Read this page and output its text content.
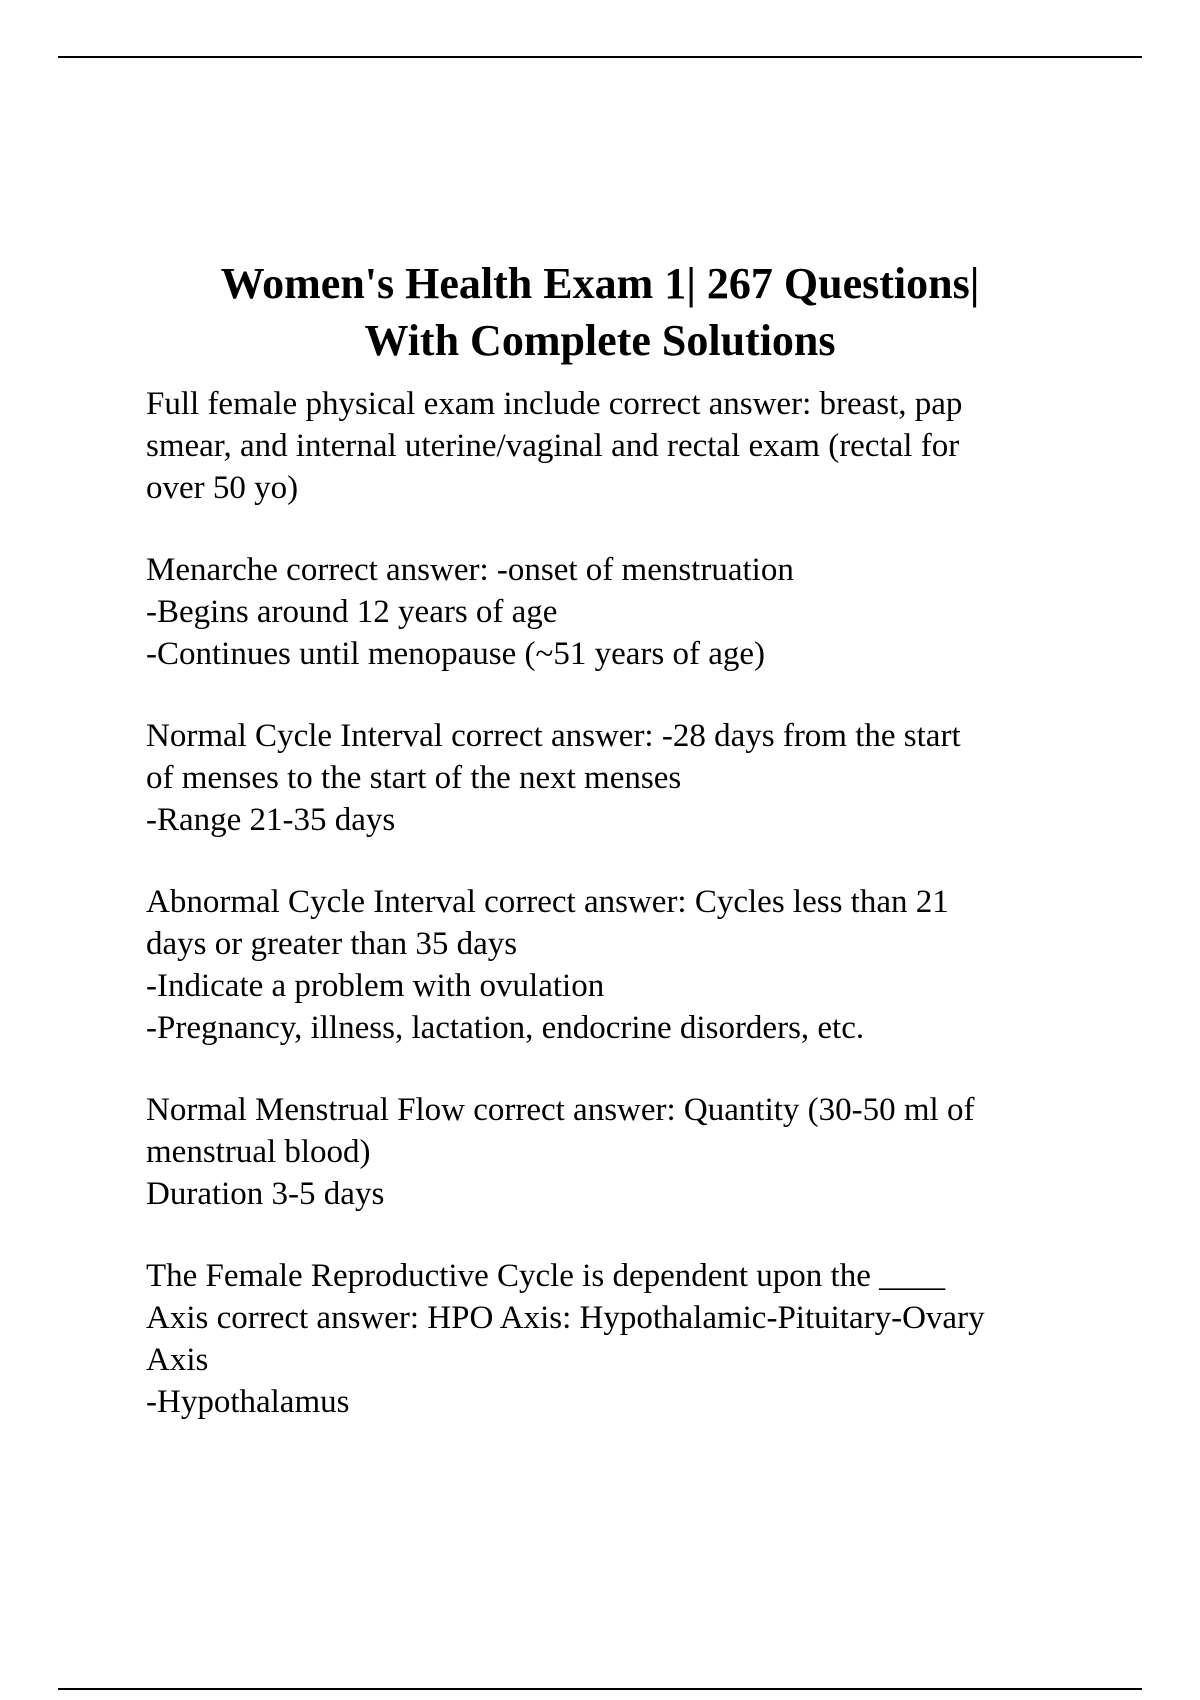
Women's Health Exam 1| 267 Questions|
With Complete Solutions

Full female physical exam include correct answer: breast, pap
smear, and internal uterine/vaginal and rectal exam (rectal for
over 50 yo)

Menarche correct answer: -onset of menstruation
-Begins around 12 years of age
-Continues until menopause (~51 years of age)

Normal Cycle Interval correct answer: -28 days from the start
of menses to the start of the next menses
-Range 21-35 days

Abnormal Cycle Interval correct answer: Cycles less than 21
days or greater than 35 days
-Indicate a problem with ovulation
-Pregnancy, illness, lactation, endocrine disorders, etc.

Normal Menstrual Flow correct answer: Quantity (30-50 ml of
menstrual blood)
Duration 3-5 days

The Female Reproductive Cycle is dependent upon the ____
Axis correct answer: HPO Axis: Hypothalamic-Pituitary-Ovary
Axis
-Hypothalamus
